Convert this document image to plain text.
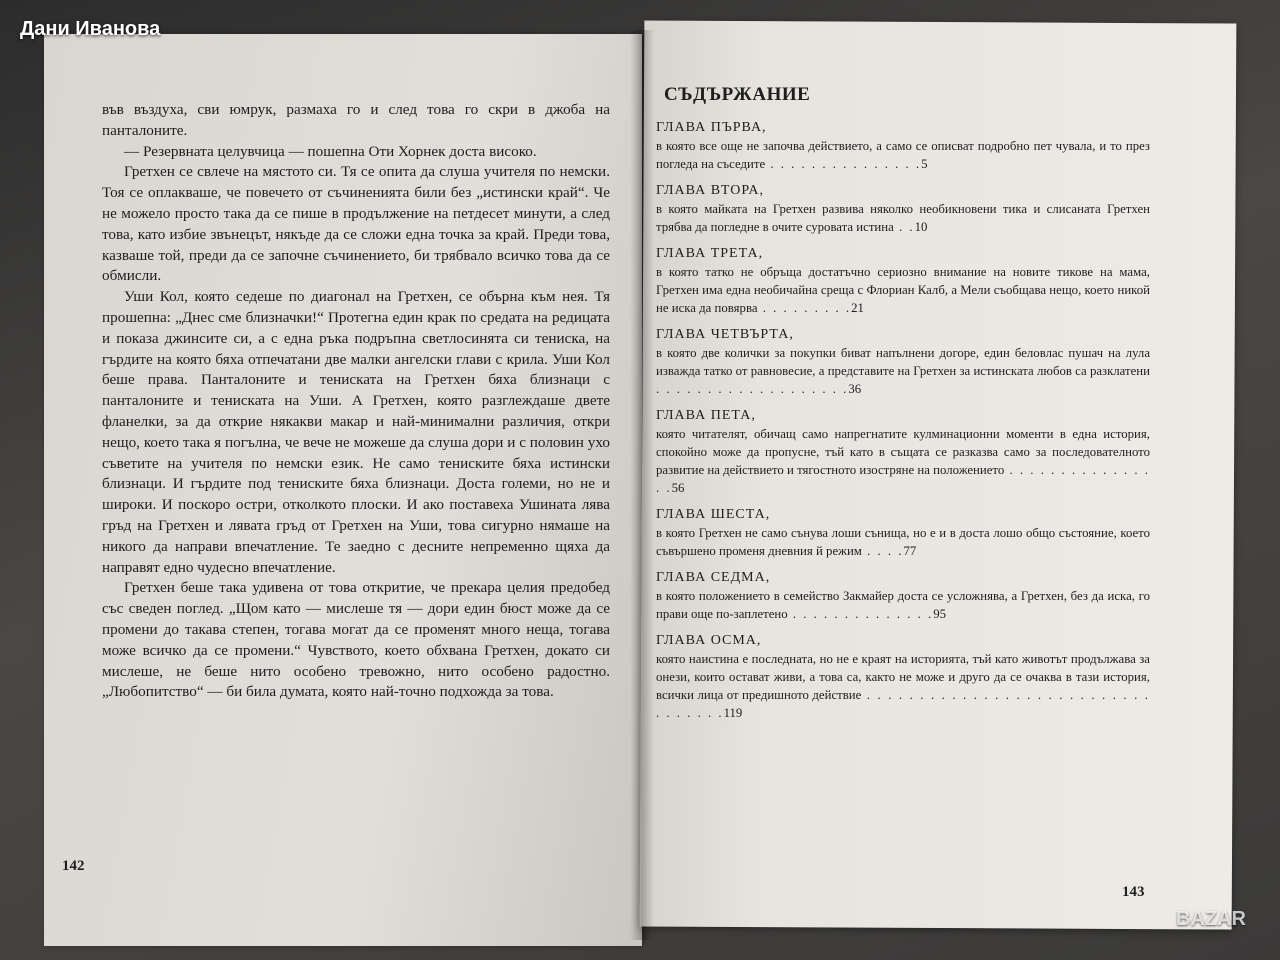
Дани Иванова

във въздуха, сви юмрук, размаха го и след това го скри в джоба на панталоните.

— Резервната целувчица — пошепна Оти Хорнек доста високо.

Гретхен се свлече на мястото си. Тя се опита да слуша учителя по немски. Тоя се оплакваше, че повечето от съчиненията били без „истински край“. Че не можело просто така да се пише в продължение на петдесет минути, а след това, като избие звънецът, някъде да се сложи една точка за край. Преди това, казваше той, преди да се започне съчинението, би трябвало всичко това да се обмисли.

Уши Кол, която седеше по диагонал на Гретхен, се обърна към нея. Тя прошепна: „Днес сме близначки!“ Протегна един крак по средата на редицата и показа джинсите си, а с една ръка подръпна светлосинята си тениска, на гърдите на която бяха отпечатани две малки ангелски глави с крила. Уши Кол беше права. Панталоните и тениската на Гретхен бяха близнаци с панталоните и тениската на Уши. А Гретхен, която разглеждаше двете фланелки, за да открие някакви макар и най-минимални различия, откри нещо, което така я погълна, че вече не можеше да слуша дори и с половин ухо съветите на учителя по немски език. Не само тениските бяха истински близнаци. И гърдите под тениските бяха близнаци. Доста големи, но не и широки. И поскоро остри, отколкото плоски. И ако поставеха Ушината лява гръд на Гретхен и лявата гръд от Гретхен на Уши, това сигурно нямаше на никого да направи впечатление. Те заедно с десните непременно щяха да направят едно чудесно впечатление.

Гретхен беше така удивена от това откритие, че прекара целия предобед със сведен поглед. „Щом като — мислеше тя — дори един бюст може да се промени до такава степен, тогава могат да се променят много неща, тогава може всичко да се промени.“ Чувството, което обхвана Гретхен, докато си мислеше, не беше нито особено тревожно, нито особено радостно. „Любопитство“ — би била думата, която най-точно подхожда за това.

142
СЪДЪРЖАНИЕ
ГЛАВА ПЪРВА,
в която все още не започва действието, а само се описват подробно пет чувала, и то през погледа на съседите . . . . . . . . . . . . . . .5
ГЛАВА ВТОРА,
в която майката на Гретхен развива няколко необикновени тика и слисаната Гретхен трябва да погледне в очите суровата истина . .10
ГЛАВА ТРЕТА,
в която татко не обръща достатъчно сериозно внимание на новите тикове на мама, Гретхен има една необичайна среща с Флориан Калб, а Мели съобщава нещо, което никой не иска да повярва . . . . . . . . .21
ГЛАВА ЧЕТВЪРТА,
в която две колички за покупки биват напълнени догоре, един беловлас пушач на лула изважда татко от равновесие, а представите на Гретхен за истинската любов са разклатени . . . . . . . . . . . . . . . . . . .36
ГЛАВА ПЕТА,
която читателят, обичащ само напрегнатите кулминационни моменти в една история, спокойно може да пропусне, тъй като в същата се разказва само за последователното развитие на действието и тягостното изостряне на положението . . . . . . . . . . . . . . . .56
ГЛАВА ШЕСТА,
в която Гретхен не само сънува лоши сънища, но е и в доста лошо общо състояние, което съвършено променя дневния й режим . . . .77
ГЛАВА СЕДМА,
в която положението в семейство Закмайер доста се усложнява, а Гретхен, без да иска, го прави още по-заплетено . . . . . . . . . . . . . .95
ГЛАВА ОСМА,
която наистина е последната, но не е краят на историята, тъй като животът продължава за онези, които остават живи, а това са, както не може и друго да се очаква в тази история, всички лица от предишното действие . . . . . . . . . . . . . . . . . . . . . . . . . . . . . . . . . .119
143
BAZAR
